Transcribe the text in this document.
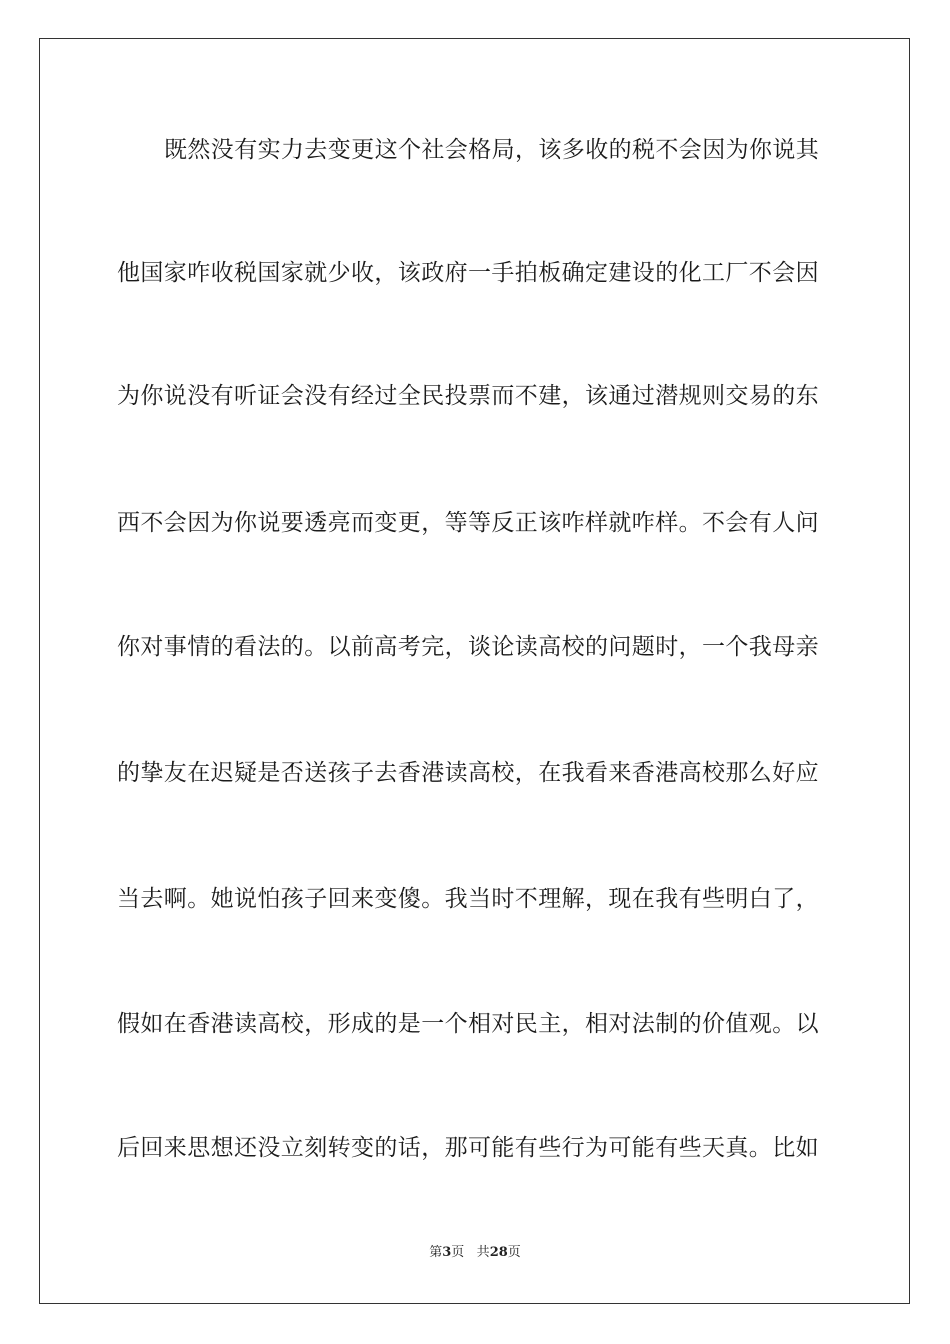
既然没有实力去变更这个社会格局，该多收的税不会因为你说其
他国家咋收税国家就少收，该政府一手拍板确定建设的化工厂不会因
为你说没有听证会没有经过全民投票而不建，该通过潜规则交易的东
西不会因为你说要透亮而变更，等等反正该咋样就咋样。不会有人问
你对事情的看法的。以前高考完，谈论读高校的问题时，一个我母亲
的挚友在迟疑是否送孩子去香港读高校，在我看来香港高校那么好应
当去啊。她说怕孩子回来变傻。我当时不理解，现在我有些明白了，
假如在香港读高校，形成的是一个相对民主，相对法制的价值观。以
后回来思想还没立刻转变的话，那可能有些行为可能有些天真。比如
第3页 共28页
